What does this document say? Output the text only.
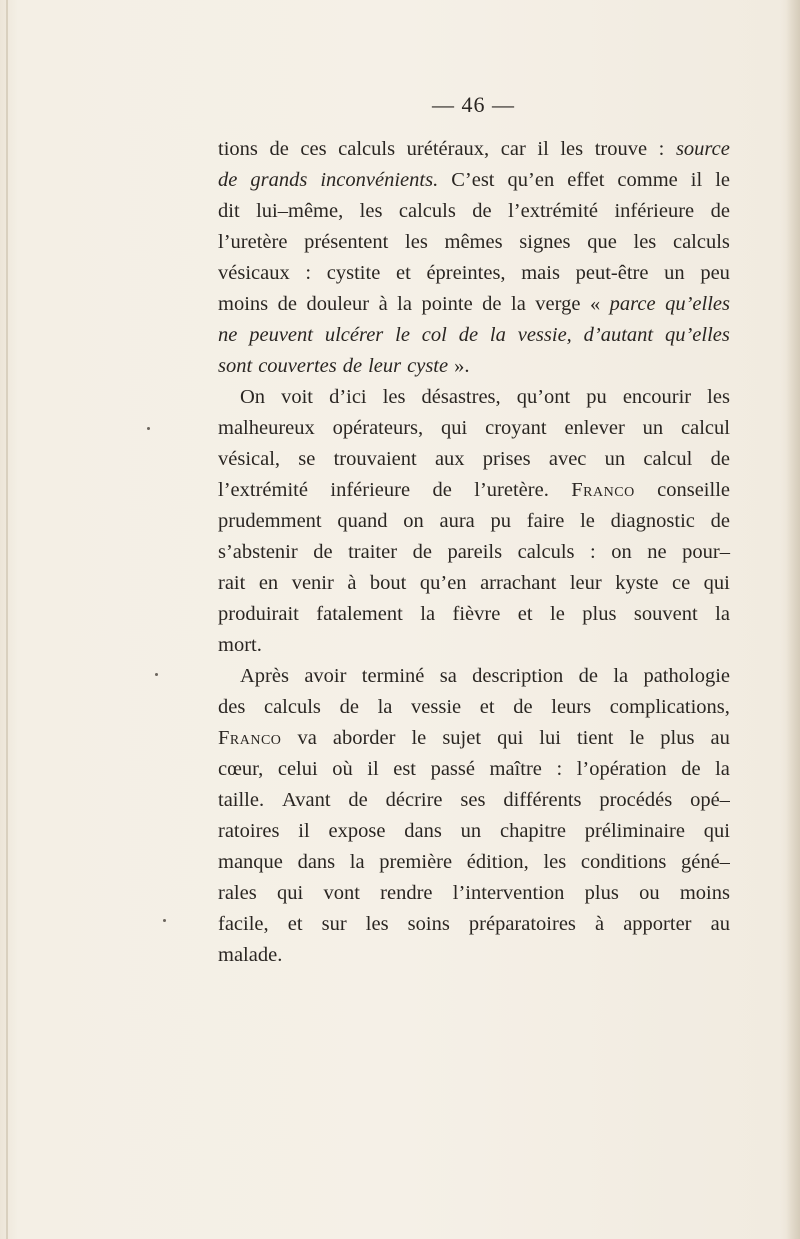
— 46 —
tions de ces calculs urétéraux, car il les trouve : source
de grands inconvénients. C’est qu’en effet comme il le
dit lui–même, les calculs de l’extrémité inférieure de
l’uretère présentent les mêmes signes que les calculs
vésicaux : cystite et épreintes, mais peut-être un peu
moins de douleur à la pointe de la verge « parce qu’elles
ne peuvent ulcérer le col de la vessie, d’autant qu’elles
sont couvertes de leur cyste ».
On voit d’ici les désastres, qu’ont pu encourir les
malheureux opérateurs, qui croyant enlever un calcul
vésical, se trouvaient aux prises avec un calcul de
l’extrémité inférieure de l’uretère. Franco conseille
prudemment quand on aura pu faire le diagnostic de
s’abstenir de traiter de pareils calculs : on ne pour–
rait en venir à bout qu’en arrachant leur kyste ce qui
produirait fatalement la fièvre et le plus souvent la
mort.
Après avoir terminé sa description de la pathologie
des calculs de la vessie et de leurs complications,
Franco va aborder le sujet qui lui tient le plus au
cœur, celui où il est passé maître : l’opération de la
taille. Avant de décrire ses différents procédés opé–
ratoires il expose dans un chapitre préliminaire qui
manque dans la première édition, les conditions géné–
rales qui vont rendre l’intervention plus ou moins
facile, et sur les soins préparatoires à apporter au
malade.
